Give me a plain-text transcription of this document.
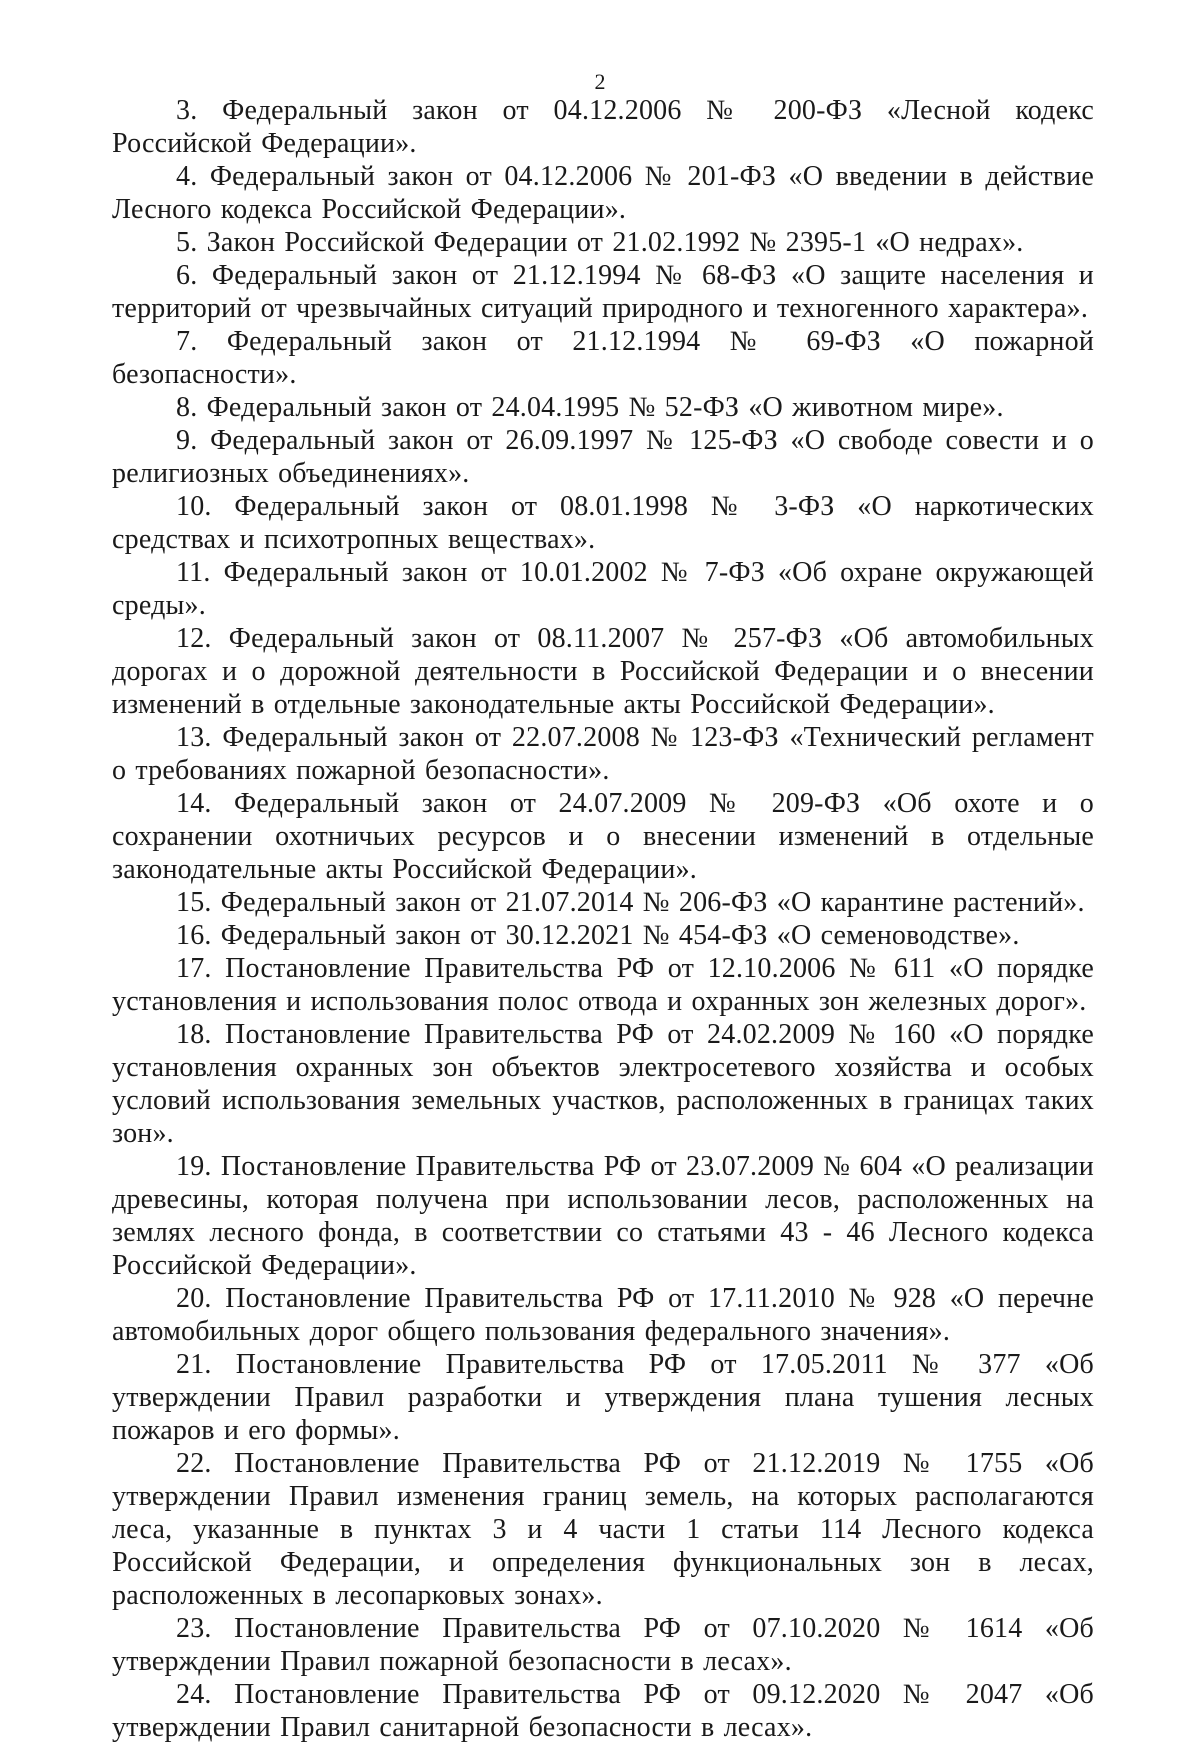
2

3. Федеральный закон от 04.12.2006 № 200-ФЗ «Лесной кодекс Российской Федерации».

4. Федеральный закон от 04.12.2006 № 201-ФЗ «О введении в действие Лесного кодекса Российской Федерации».

5. Закон Российской Федерации от 21.02.1992 № 2395-1 «О недрах».

6. Федеральный закон от 21.12.1994 № 68-ФЗ «О защите населения и территорий от чрезвычайных ситуаций природного и техногенного характера».

7. Федеральный закон от 21.12.1994 № 69-ФЗ «О пожарной безопасности».

8. Федеральный закон от 24.04.1995 № 52-ФЗ «О животном мире».

9. Федеральный закон от 26.09.1997 № 125-ФЗ «О свободе совести и о религиозных объединениях».

10. Федеральный закон от 08.01.1998 № 3-ФЗ «О наркотических средствах и психотропных веществах».

11. Федеральный закон от 10.01.2002 № 7-ФЗ «Об охране окружающей среды».

12. Федеральный закон от 08.11.2007 № 257-ФЗ «Об автомобильных дорогах и о дорожной деятельности в Российской Федерации и о внесении изменений в отдельные законодательные акты Российской Федерации».

13. Федеральный закон от 22.07.2008 № 123-ФЗ «Технический регламент о требованиях пожарной безопасности».

14. Федеральный закон от 24.07.2009 № 209-ФЗ «Об охоте и о сохранении охотничьих ресурсов и о внесении изменений в отдельные законодательные акты Российской Федерации».

15. Федеральный закон от 21.07.2014 № 206-ФЗ «О карантине растений».

16. Федеральный закон от 30.12.2021 № 454-ФЗ «О семеноводстве».

17. Постановление Правительства РФ от 12.10.2006 № 611 «О порядке установления и использования полос отвода и охранных зон железных дорог».

18. Постановление Правительства РФ от 24.02.2009 № 160 «О порядке установления охранных зон объектов электросетевого хозяйства и особых условий использования земельных участков, расположенных в границах таких зон».

19. Постановление Правительства РФ от 23.07.2009 № 604 «О реализации древесины, которая получена при использовании лесов, расположенных на землях лесного фонда, в соответствии со статьями 43 - 46 Лесного кодекса Российской Федерации».

20. Постановление Правительства РФ от 17.11.2010 № 928 «О перечне автомобильных дорог общего пользования федерального значения».

21. Постановление Правительства РФ от 17.05.2011 № 377 «Об утверждении Правил разработки и утверждения плана тушения лесных пожаров и его формы».

22. Постановление Правительства РФ от 21.12.2019 № 1755 «Об утверждении Правил изменения границ земель, на которых располагаются леса, указанные в пунктах 3 и 4 части 1 статьи 114 Лесного кодекса Российской Федерации, и определения функциональных зон в лесах, расположенных в лесопарковых зонах».

23. Постановление Правительства РФ от 07.10.2020 № 1614 «Об утверждении Правил пожарной безопасности в лесах».

24. Постановление Правительства РФ от 09.12.2020 № 2047 «Об утверждении Правил санитарной безопасности в лесах».
